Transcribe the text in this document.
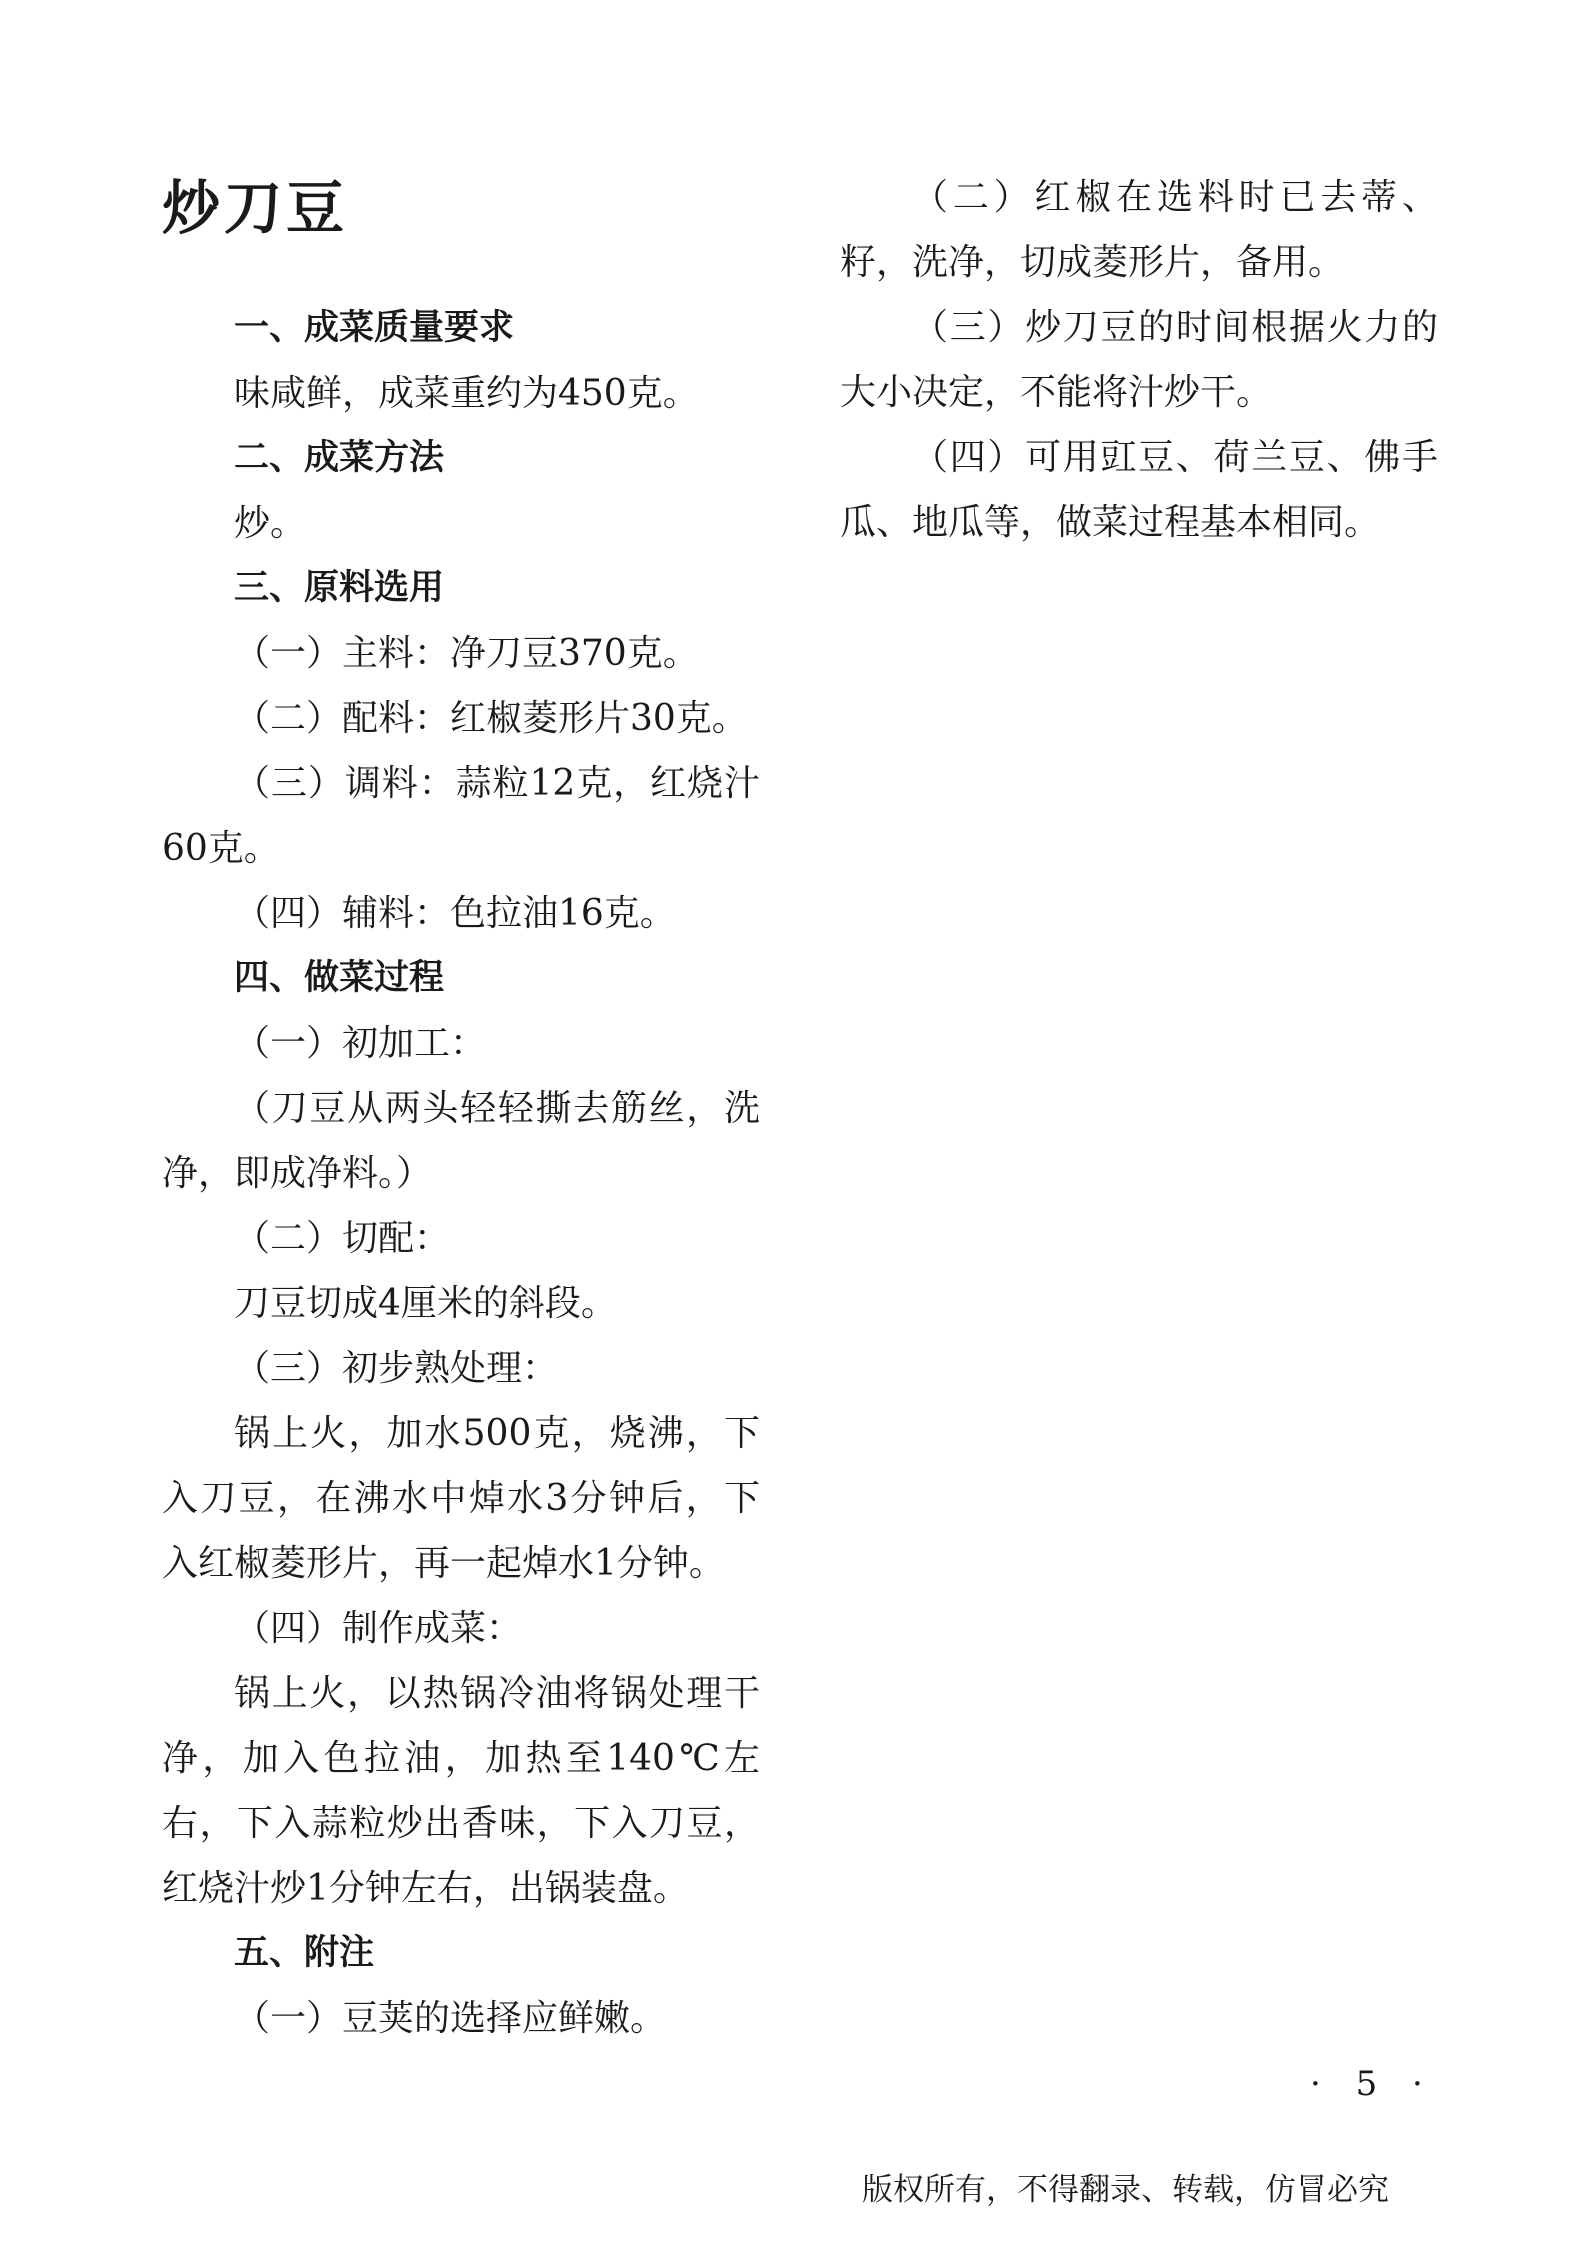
炒刀豆

一、成菜质量要求

味咸鲜，成菜重约为450克。

二、成菜方法

炒。

三、原料选用

（一）主料：净刀豆370克。

（二）配料：红椒菱形片30克。

（三）调料：蒜粒12克，红烧汁60克。

（四）辅料：色拉油16克。

四、做菜过程

（一）初加工：

（刀豆从两头轻轻撕去筋丝，洗净，即成净料。）

（二）切配：

刀豆切成4厘米的斜段。

（三）初步熟处理：

锅上火，加水500克，烧沸，下入刀豆，在沸水中焯水3分钟后，下入红椒菱形片，再一起焯水1分钟。

（四）制作成菜：

锅上火，以热锅冷油将锅处理干净，加入色拉油，加热至140℃左右，下入蒜粒炒出香味，下入刀豆，红烧汁炒1分钟左右，出锅装盘。

五、附注

（一）豆荚的选择应鲜嫩。

（二）红椒在选料时已去蒂、籽，洗净，切成菱形片，备用。

（三）炒刀豆的时间根据火力的大小决定，不能将汁炒干。

（四）可用豇豆、荷兰豆、佛手瓜、地瓜等，做菜过程基本相同。

· 5 ·
版权所有，不得翻录、转载，仿冒必究
